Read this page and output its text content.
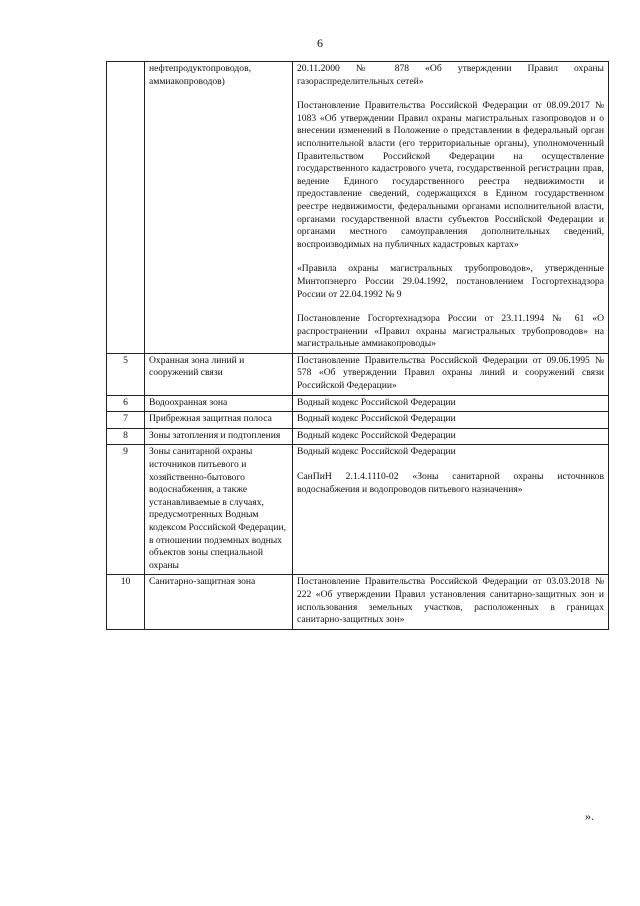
6
	нефтепродуктопроводов, аммиакопроводов)	20.11.2000 № 878 «Об утверждении Правил охраны газораспределительных сетей»

Постановление Правительства Российской Федерации от 08.09.2017 № 1083 «Об утверждении Правил охраны магистральных газопроводов и о внесении изменений в Положение о представлении в федеральный орган исполнительной власти (его территориальные органы), уполномоченный Правительством Российской Федерации на осуществление государственного кадастрового учета, государственной регистрации прав, ведение Единого государственного реестра недвижимости и предоставление сведений, содержащихся в Едином государственном реестре недвижимости, федеральными органами исполнительной власти, органами государственной власти субъектов Российской Федерации и органами местного самоуправления дополнительных сведений, воспроизводимых на публичных кадастровых картах»

«Правила охраны магистральных трубопроводов», утвержденные Минтопэнерго России 29.04.1992, постановлением Госгортехнадзора России от 22.04.1992 № 9

Постановление Госгортехнадзора России от 23.11.1994 № 61 «О распространении «Правил охраны магистральных трубопроводов» на магистральные аммиакопроводы»

5	Охранная зона линий и сооружений связи	Постановление Правительства Российской Федерации от 09.06.1995 № 578 «Об утверждении Правил охраны линий и сооружений связи Российской Федерации»

6	Водоохранная зона	Водный кодекс Российской Федерации

7	Прибрежная защитная полоса	Водный кодекс Российской Федерации

8	Зоны затопления и подтопления	Водный кодекс Российской Федерации

9	Зоны санитарной охраны источников питьевого и хозяйственно-бытового водоснабжения, а также устанавливаемые в случаях, предусмотренных Водным кодексом Российской Федерации, в отношении подземных водных объектов зоны специальной охраны	Водный кодекс Российской Федерации

СанПиН 2.1.4.1110-02 «Зоны санитарной охраны источников водоснабжения и водопроводов питьевого назначения»

10	Санитарно-защитная зона	Постановление Правительства Российской Федерации от 03.03.2018 № 222 «Об утверждении Правил установления санитарно-защитных зон и использования земельных участков, расположенных в границах санитарно-защитных зон»

».
